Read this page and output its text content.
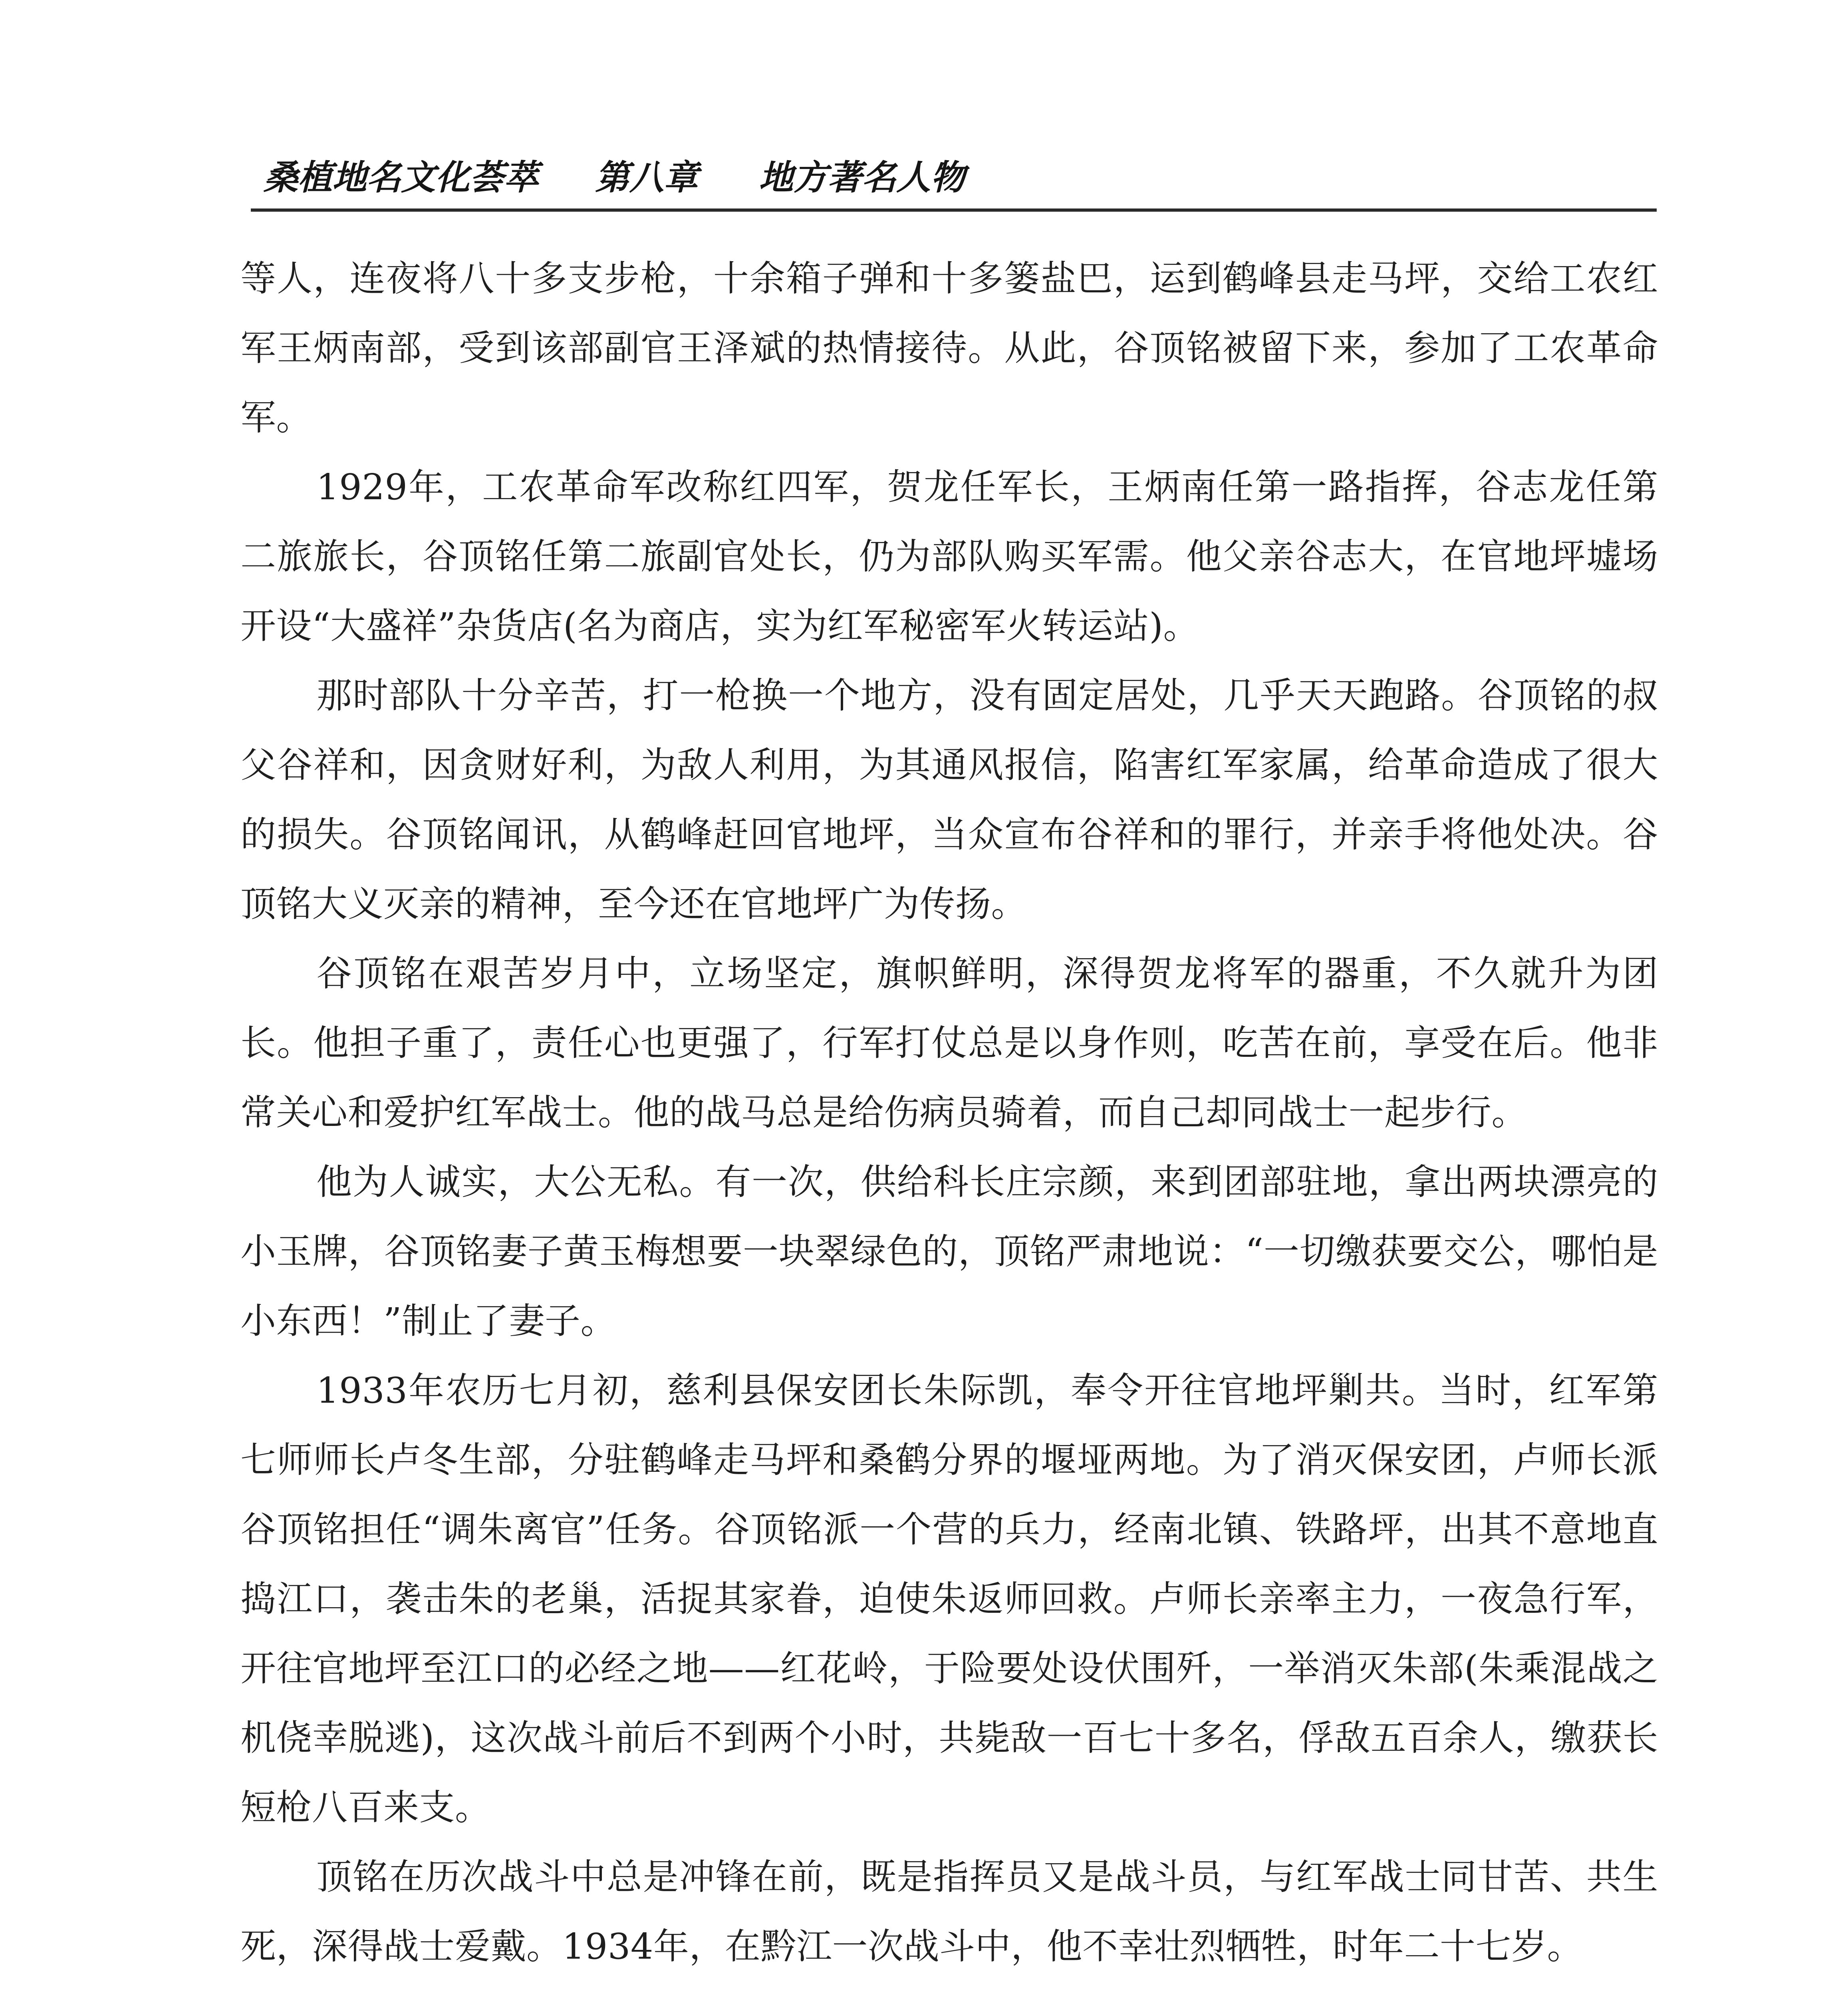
桑植地名文化荟萃 第八章 地方著名人物

等人，连夜将八十多支步枪，十余箱子弹和十多篓盐巴，运到鹤峰县走马坪，交给工农红军王炳南部，受到该部副官王泽斌的热情接待。从此，谷顶铭被留下来，参加了工农革命军。

1929年，工农革命军改称红四军，贺龙任军长，王炳南任第一路指挥，谷志龙任第二旅旅长，谷顶铭任第二旅副官处长，仍为部队购买军需。他父亲谷志大，在官地坪墟场开设“大盛祥”杂货店(名为商店，实为红军秘密军火转运站)。

那时部队十分辛苦，打一枪换一个地方，没有固定居处，几乎天天跑路。谷顶铭的叔父谷祥和，因贪财好利，为敌人利用，为其通风报信，陷害红军家属，给革命造成了很大的损失。谷顶铭闻讯，从鹤峰赶回官地坪，当众宣布谷祥和的罪行，并亲手将他处决。谷顶铭大义灭亲的精神，至今还在官地坪广为传扬。

谷顶铭在艰苦岁月中，立场坚定，旗帜鲜明，深得贺龙将军的器重，不久就升为团长。他担子重了，责任心也更强了，行军打仗总是以身作则，吃苦在前，享受在后。他非常关心和爱护红军战士。他的战马总是给伤病员骑着，而自己却同战士一起步行。

他为人诚实，大公无私。有一次，供给科长庄宗颜，来到团部驻地，拿出两块漂亮的小玉牌，谷顶铭妻子黄玉梅想要一块翠绿色的，顶铭严肃地说：“一切缴获要交公，哪怕是小东西！”制止了妻子。

1933年农历七月初，慈利县保安团长朱际凯，奉令开往官地坪剿共。当时，红军第七师师长卢冬生部，分驻鹤峰走马坪和桑鹤分界的堰垭两地。为了消灭保安团，卢师长派谷顶铭担任“调朱离官”任务。谷顶铭派一个营的兵力，经南北镇、铁路坪，出其不意地直捣江口，袭击朱的老巢，活捉其家眷，迫使朱返师回救。卢师长亲率主力，一夜急行军，开往官地坪至江口的必经之地——红花岭，于险要处设伏围歼，一举消灭朱部(朱乘混战之机侥幸脱逃)，这次战斗前后不到两个小时，共毙敌一百七十多名，俘敌五百余人，缴获长短枪八百来支。

顶铭在历次战斗中总是冲锋在前，既是指挥员又是战斗员，与红军战士同甘苦、共生死，深得战士爱戴。1934年，在黔江一次战斗中，他不幸壮烈牺牲，时年二十七岁。
